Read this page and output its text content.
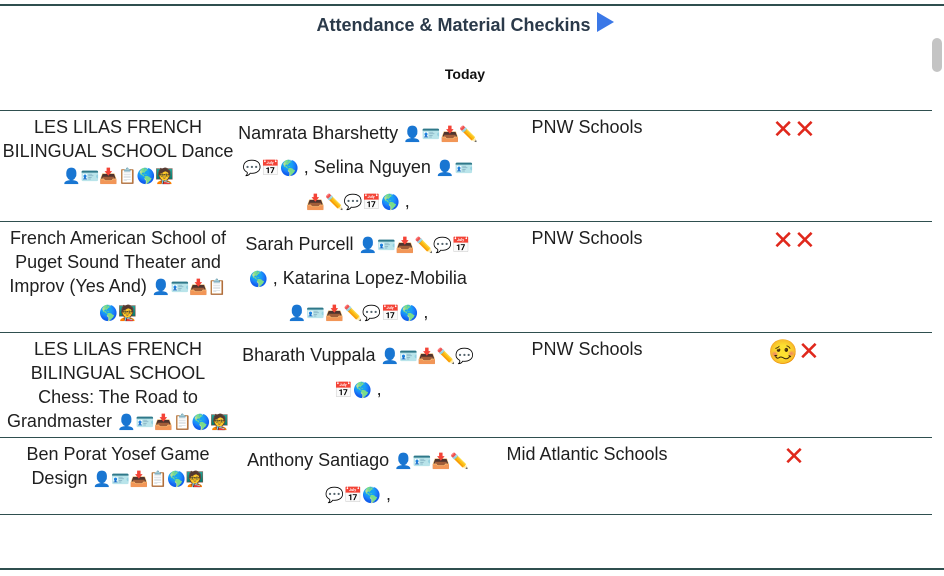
Attendance & Material Checkins
Today
LES LILAS FRENCH BILINGUAL SCHOOL Dance 👤🪪📥📋🌎🧑‍🏫	Namrata Bharshetty 👤🪪📥✏️💬📅🌎 , Selina Nguyen 👤🪪📥✏️💬📅🌎 ,	PNW Schools	✕✕
French American School of Puget Sound Theater and Improv (Yes And) 👤🪪📥📋🌎🧑‍🏫	Sarah Purcell 👤🪪📥✏️💬📅🌎 , Katarina Lopez-Mobilia 👤🪪📥✏️💬📅🌎 ,	PNW Schools	✕✕
LES LILAS FRENCH BILINGUAL SCHOOL Chess: The Road to Grandmaster 👤🪪📥📋🌎🧑‍🏫	Bharath Vuppala 👤🪪📥✏️💬📅🌎 ,	PNW Schools	🥴✕
Ben Porat Yosef Game Design 👤🪪📥📋🌎🧑‍🏫	Anthony Santiago 👤🪪📥✏️💬📅🌎 ,	Mid Atlantic Schools	✕
